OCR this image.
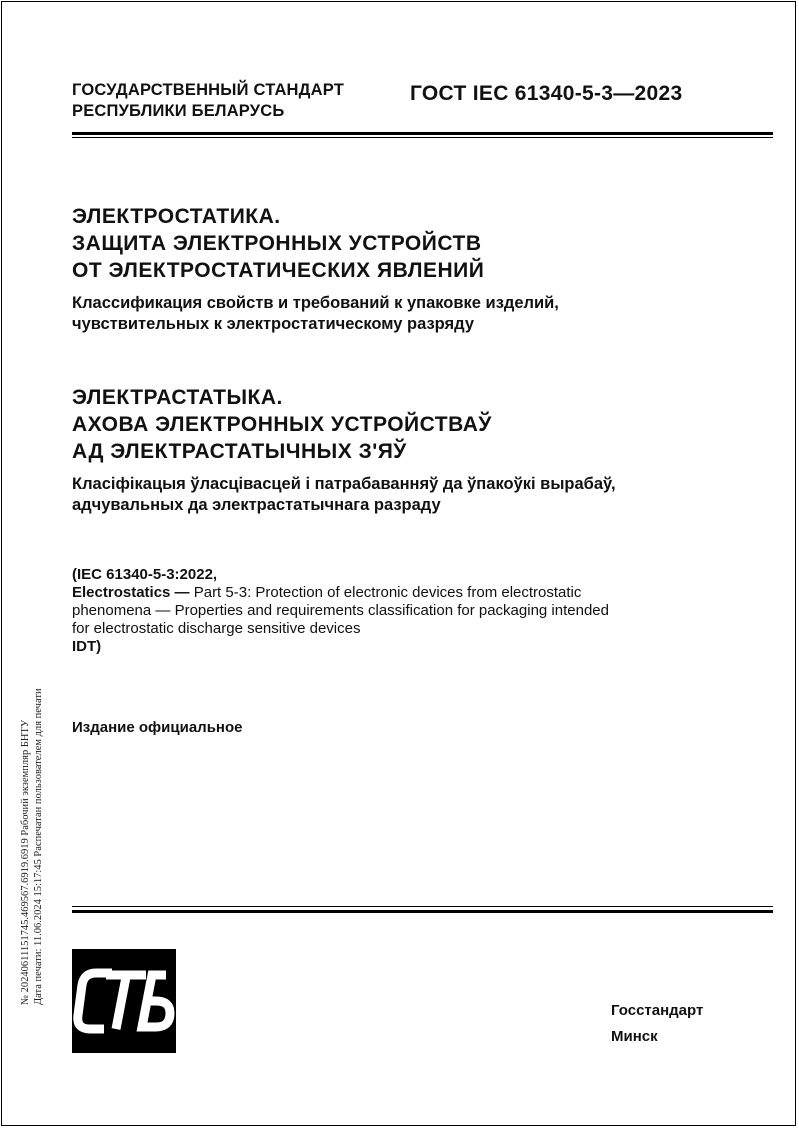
ГОСУДАРСТВЕННЫЙ СТАНДАРТ
РЕСПУБЛИКИ БЕЛАРУСЬ
ГОСТ IEC 61340-5-3—2023
ЭЛЕКТРОСТАТИКА.
ЗАЩИТА ЭЛЕКТРОННЫХ УСТРОЙСТВ
ОТ ЭЛЕКТРОСТАТИЧЕСКИХ ЯВЛЕНИЙ
Классификация свойств и требований к упаковке изделий,
чувствительных к электростатическому разряду
ЭЛЕКТРАСТАТЫКА.
АХОВА ЭЛЕКТРОННЫХ УСТРОЙСТВАЎ
АД ЭЛЕКТРАСТАТЫЧНЫХ З'ЯЎ
Класіфікацыя ўласцівасцей і патрабаванняў да ўпакоўкі вырабаў,
адчувальных да электрастатычнага разраду
(IEC 61340-5-3:2022,
Electrostatics — Part 5-3: Protection of electronic devices from electrostatic
phenomena — Properties and requirements classification for packaging intended
for electrostatic discharge sensitive devices
IDT)
Издание официальное
№ 20240611151745.469567.6919.6919 Рабочий экземпляр БНТУ Дата печати: 11.06.2024 15:17:45 Распечатан пользователем для печати
Госстандарт
Минск
